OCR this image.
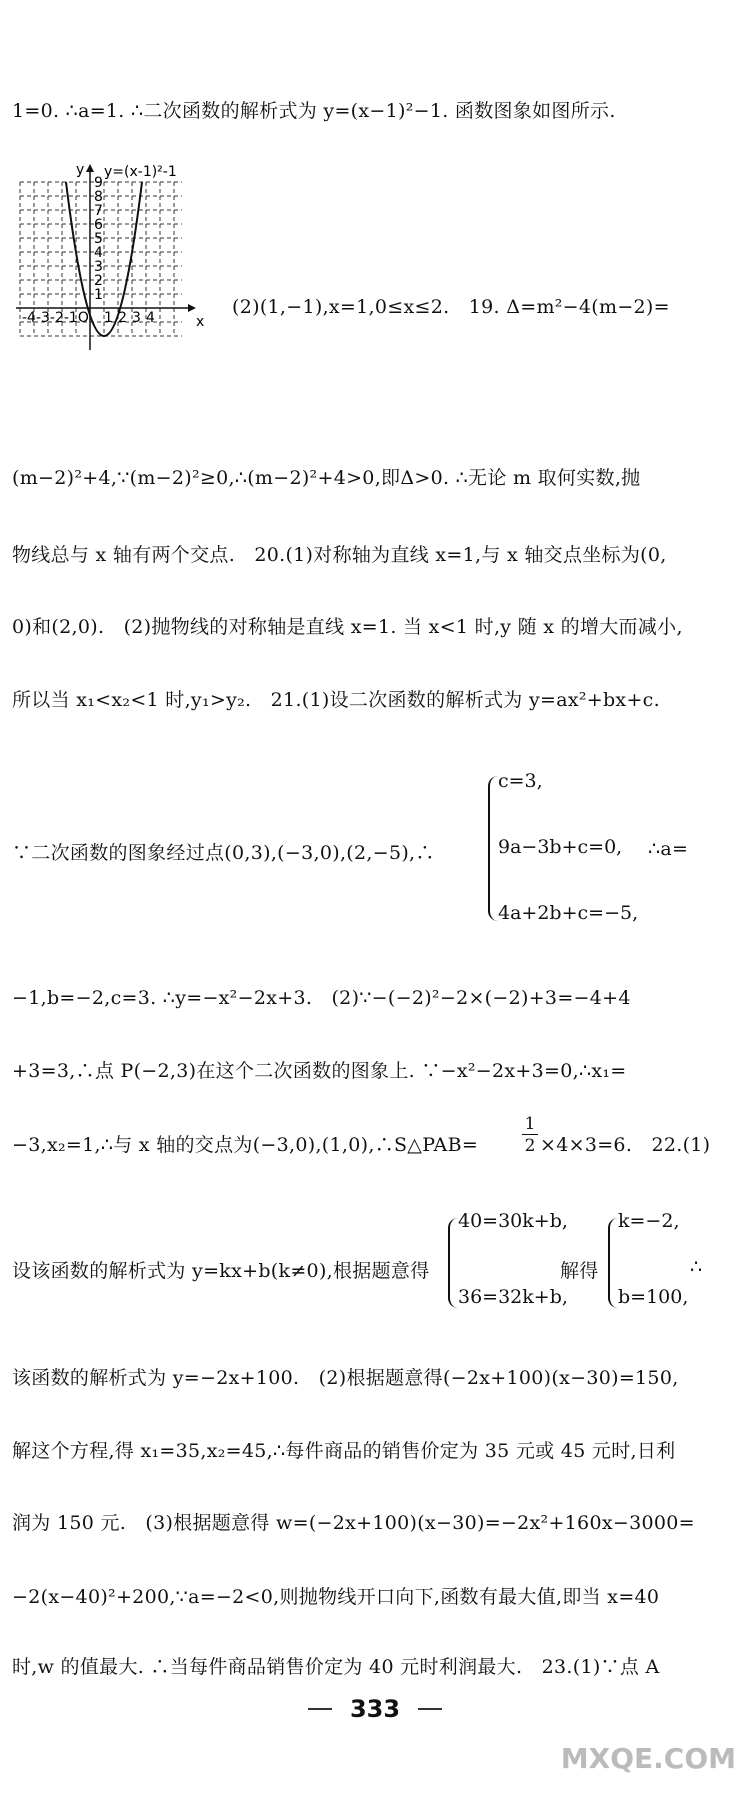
1=0. ∴a=1. ∴二次函数的解析式为 y=(x−1)²−1. 函数图象如图所示.
y=(x-1)²-1
y
x
9
8
7
6
5
4
3
2
1
-4-3-2-1O 1 2 3 4	(2)(1,−1),x=1,0≤x≤2.　19. Δ=m²−4(m−2)=
(m−2)²+4,∵(m−2)²≥0,∴(m−2)²+4>0,即Δ>0. ∴无论 m 取何实数,抛
物线总与 x 轴有两个交点.　20.(1)对称轴为直线 x=1,与 x 轴交点坐标为(0,
0)和(2,0).　(2)抛物线的对称轴是直线 x=1. 当 x<1 时,y 随 x 的增大而减小,
所以当 x₁<x₂<1 时,y₁>y₂.　21.(1)设二次函数的解析式为 y=ax²+bx+c.
∵二次函数的图象经过点(0,3),(−3,0),(2,−5),∴
c=3,
9a−3b+c=0,
4a+2b+c=−5,
∴a=
−1,b=−2,c=3. ∴y=−x²−2x+3.　(2)∵−(−2)²−2×(−2)+3=−4+4
+3=3,∴点 P(−2,3)在这个二次函数的图象上. ∵−x²−2x+3=0,∴x₁=
−3,x₂=1,∴与 x 轴的交点为(−3,0),(1,0),∴S△PAB=	$\frac{1}{2} \times 4\times 3=6$.　22.(1)
设该函数的解析式为 y=kx+b(k≠0),根据题意得
40=30k+b,
36=32k+b,
解得
k=−2,
b=100,
∴
该函数的解析式为 y=−2x+100.　(2)根据题意得(−2x+100)(x−30)=150,
解这个方程,得 x₁=35,x₂=45,∴每件商品的销售价定为 35 元或 45 元时,日利
润为 150 元.　(3)根据题意得 w=(−2x+100)(x−30)=−2x²+160x−3000=
−2(x−40)²+200,∵a=−2<0,则抛物线开口向下,函数有最大值,即当 x=40
时,w 的值最大. ∴当每件商品销售价定为 40 元时利润最大.　23.(1)∵点 A
333
MXQE.COM
